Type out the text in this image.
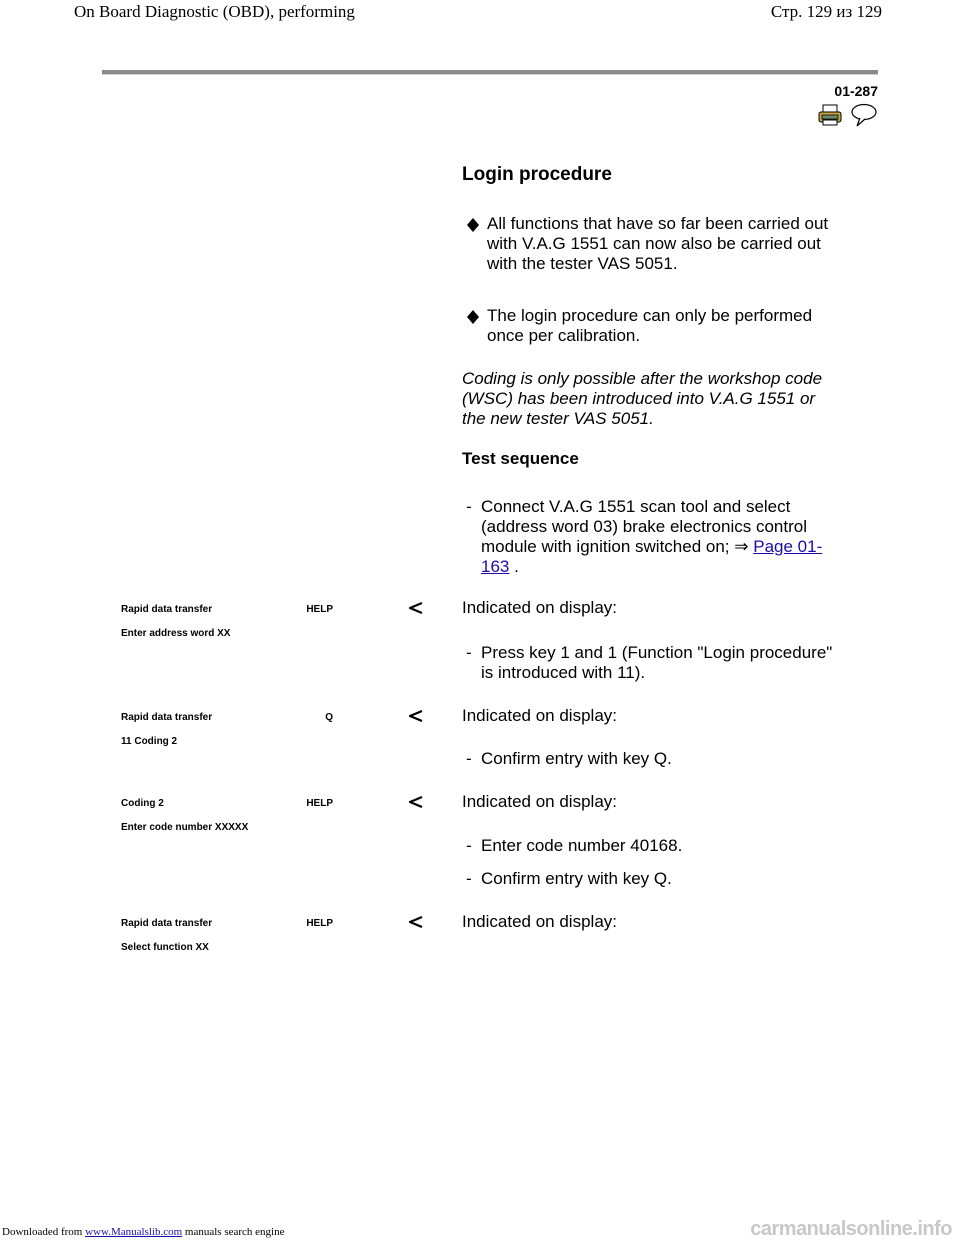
On Board Diagnostic (OBD), performing	Стр. 129 из 129
01-287
Login procedure
All functions that have so far been carried out
with V.A.G 1551 can now also be carried out
with the tester VAS 5051.
The login procedure can only be performed
once per calibration.
Coding is only possible after the workshop code
(WSC) has been introduced into V.A.G 1551 or
the new tester VAS 5051.
Test sequence
- Connect V.A.G 1551 scan tool and select
(address word 03) brake electronics control
module with ignition switched on; ⇒ Page 01-
163 .
Rapid data transfer	HELP
Enter address word XX
Indicated on display:
- Press key 1 and 1 (Function "Login procedure"
is introduced with 11).
Rapid data transfer	Q
11 Coding 2
Indicated on display:
- Confirm entry with key Q.
Coding 2	HELP
Enter code number XXXXX
Indicated on display:
- Enter code number 40168.
- Confirm entry with key Q.
Rapid data transfer	HELP
Select function XX
Indicated on display:
Downloaded from www.Manualslib.com manuals search engine	carmanualsonline.info
